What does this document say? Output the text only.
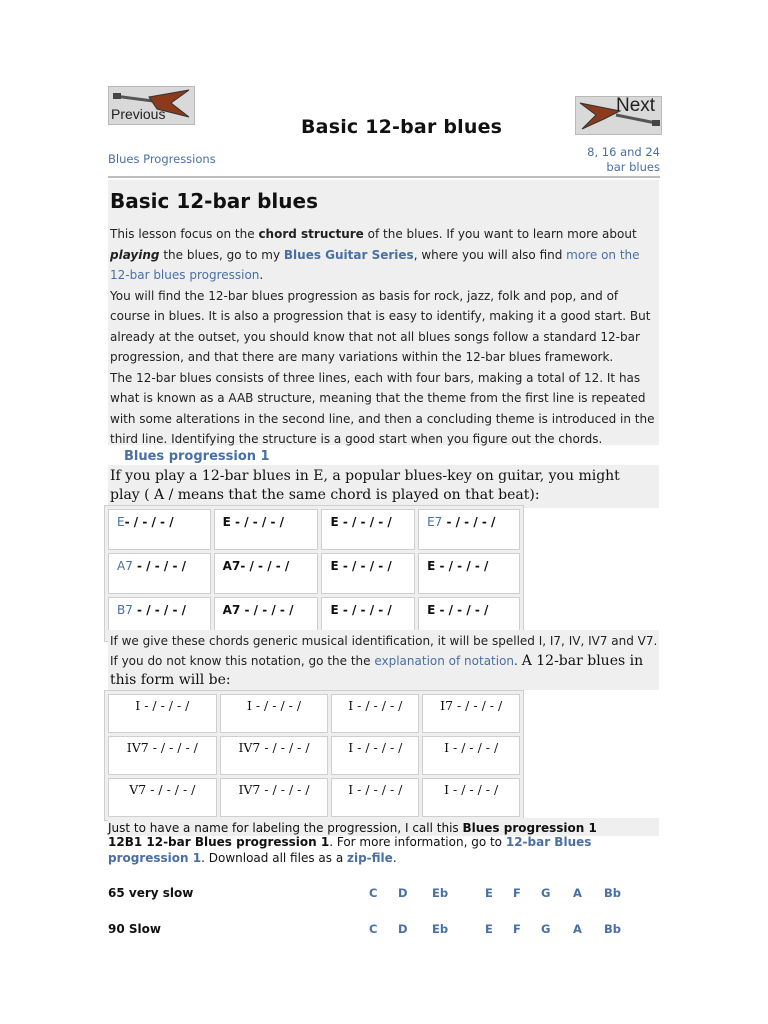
Previous	Next
Basic 12-bar blues
Blues Progressions	8, 16 and 24 bar blues
Basic 12-bar blues
This lesson focus on the chord structure of the blues. If you want to learn more about playing the blues, go to my Blues Guitar Series, where you will also find more on the 12-bar blues progression.
You will find the 12-bar blues progression as basis for rock, jazz, folk and pop, and of course in blues. It is also a progression that is easy to identify, making it a good start. But already at the outset, you should know that not all blues songs follow a standard 12-bar progression, and that there are many variations within the 12-bar blues framework.
The 12-bar blues consists of three lines, each with four bars, making a total of 12. It has what is known as a AAB structure, meaning that the theme from the first line is repeated with some alterations in the second line, and then a concluding theme is introduced in the third line. Identifying the structure is a good start when you figure out the chords.
Blues progression 1
If you play a 12-bar blues in E, a popular blues-key on guitar, you might play ( A / means that the same chord is played on that beat):
E- / - / - /	E - / - / - /	E - / - / - /	E7 - / - / - /
A7 - / - / - /	A7- / - / - /	E - / - / - /	E - / - / - /
B7 - / - / - /	A7 - / - / - /	E - / - / - /	E - / - / - /
If we give these chords generic musical identification, it will be spelled I, I7, IV, IV7 and V7.
If you do not know this notation, go the the explanation of notation. A 12-bar blues in this form will be:
I - / - / - /	I - / - / - /	I - / - / - /	I7 - / - / - /
IV7 - / - / - /	IV7 - / - / - /	I - / - / - /	I - / - / - /
V7 - / - / - /	IV7 - / - / - /	I - / - / - /	I - / - / - /
Just to have a name for labeling the progression, I call this Blues progression 1
12B1 12-bar Blues progression 1. For more information, go to 12-bar Blues progression 1. Download all files as a zip-file.
65 very slow	C D Eb	E F G A Bb
90 Slow	C D Eb	E F G A Bb
